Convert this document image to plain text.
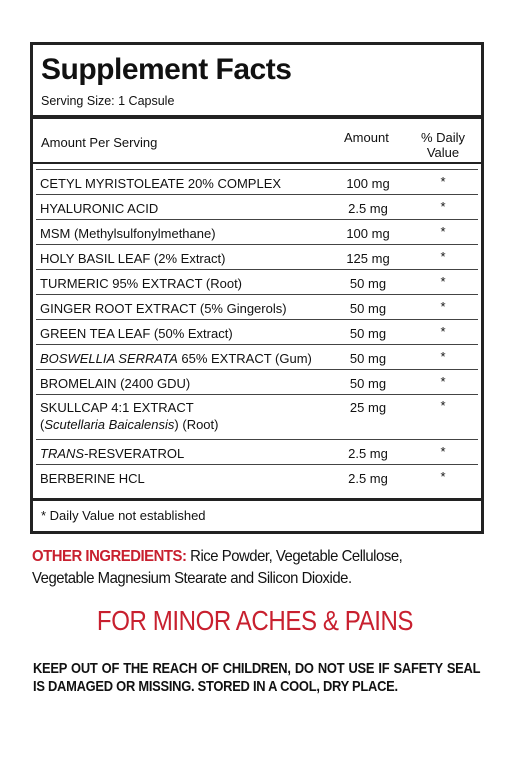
Supplement Facts
Serving Size: 1 Capsule
Amount Per Serving	Amount	% Daily
Value
CETYL MYRISTOLEATE 20% COMPLEX	100 mg	*
HYALURONIC ACID	2.5 mg	*
MSM (Methylsulfonylmethane)	100 mg	*
HOLY BASIL LEAF (2% Extract)	125 mg	*
TURMERIC 95% EXTRACT (Root)	50 mg	*
GINGER ROOT EXTRACT (5% Gingerols)	50 mg	*
GREEN TEA LEAF (50% Extract)	50 mg	*
BOSWELLIA SERRATA 65% EXTRACT (Gum)	50 mg	*
BROMELAIN (2400 GDU)	50 mg	*
SKULLCAP 4:1 EXTRACT
(Scutellaria Baicalensis) (Root)
25 mg	*
TRANS-RESVERATROL	2.5 mg	*
BERBERINE HCL	2.5 mg	*
* Daily Value not established
OTHER INGREDIENTS: Rice Powder, Vegetable Cellulose, Vegetable Magnesium Stearate and Silicon Dioxide.
FOR MINOR ACHES & PAINS
KEEP OUT OF THE REACH OF CHILDREN, DO NOT USE IF SAFETY SEAL IS DAMAGED OR MISSING. STORED IN A COOL, DRY PLACE.
